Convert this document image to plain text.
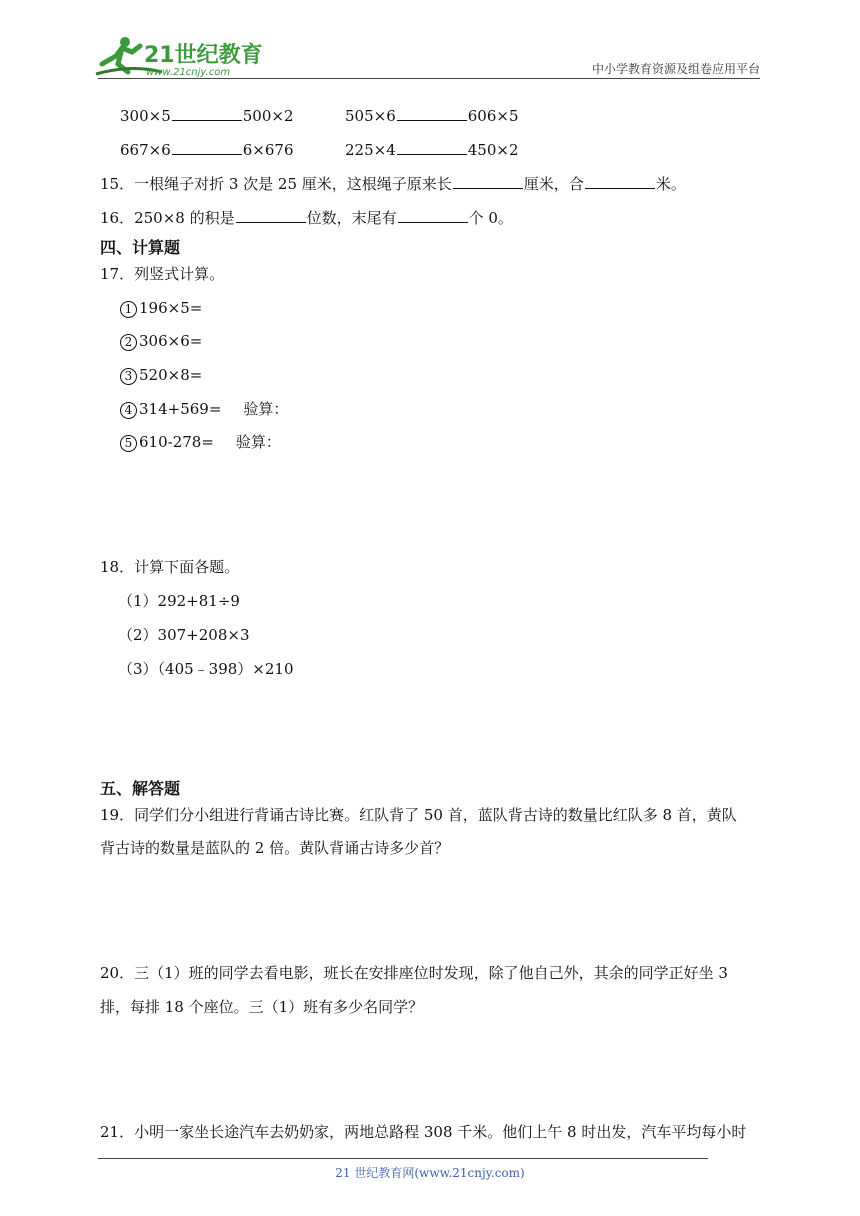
21世纪教育
www.21cnjy.com	中小学教育资源及组卷应用平台
300×5	500×2	505×6	606×5
667×6	6×676	225×4	450×2
15．一根绳子对折 3 次是 25 厘米，这根绳子原来长	厘米，合	米。
16．250×8 的积是	位数，末尾有	个 0。
四、计算题
17．列竖式计算。
1 196×5=
2 306×6=
3 520×8=
4 314+569= 验算：
5 610-278= 验算：
18．计算下面各题。
（1）292+81÷9
（2）307+208×3
（3）（405﹣398）×210
五、解答题
19．同学们分小组进行背诵古诗比赛。红队背了 50 首，蓝队背古诗的数量比红队多 8 首，黄队
背古诗的数量是蓝队的 2 倍。黄队背诵古诗多少首？
20．三（1）班的同学去看电影，班长在安排座位时发现，除了他自己外，其余的同学正好坐 3
排，每排 18 个座位。三（1）班有多少名同学？
21．小明一家坐长途汽车去奶奶家，两地总路程 308 千米。他们上午 8 时出发，汽车平均每小时
21 世纪教育网(www.21cnjy.com)
